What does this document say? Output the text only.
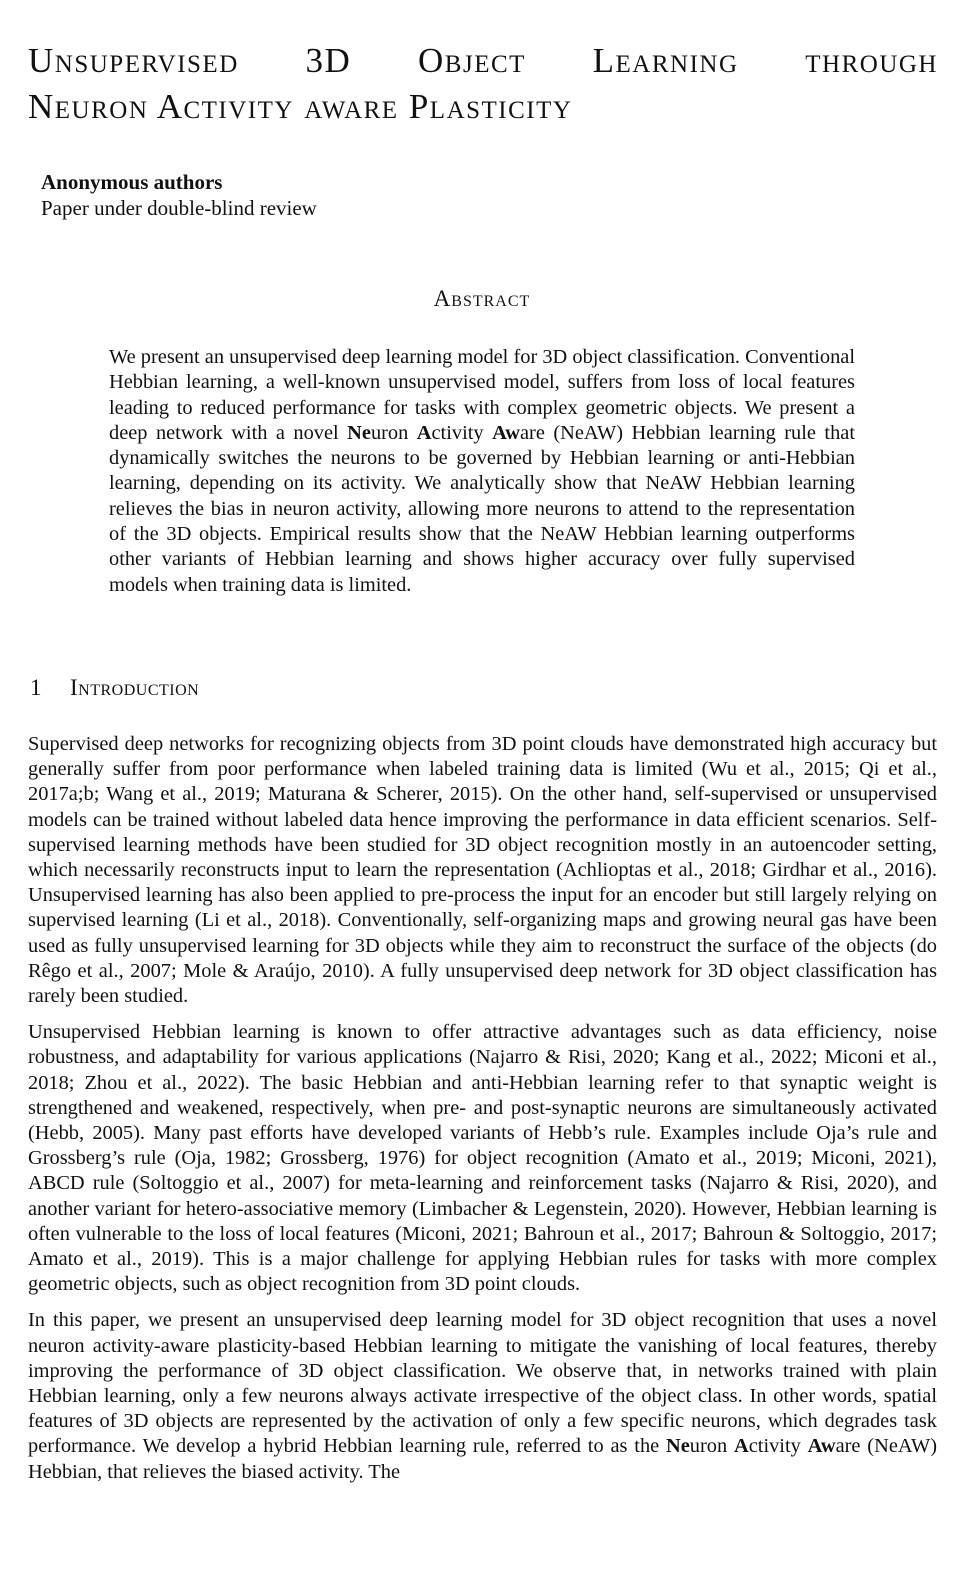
Unsupervised 3D Object Learning through
Neuron Activity aware Plasticity
Anonymous authors
Paper under double-blind review
Abstract
We present an unsupervised deep learning model for 3D object classification. Conventional Hebbian learning, a well-known unsupervised model, suffers from loss of local features leading to reduced performance for tasks with complex geometric objects. We present a deep network with a novel Neuron Activity Aware (NeAW) Hebbian learning rule that dynamically switches the neurons to be governed by Hebbian learning or anti-Hebbian learning, depending on its activity. We analytically show that NeAW Hebbian learning relieves the bias in neuron activity, allowing more neurons to attend to the representation of the 3D objects. Empirical results show that the NeAW Hebbian learning outperforms other variants of Hebbian learning and shows higher accuracy over fully supervised models when training data is limited.
1 Introduction

Supervised deep networks for recognizing objects from 3D point clouds have demonstrated high accuracy but generally suffer from poor performance when labeled training data is limited (Wu et al., 2015; Qi et al., 2017a;b; Wang et al., 2019; Maturana & Scherer, 2015). On the other hand, self-supervised or unsupervised models can be trained without labeled data hence improving the performance in data efficient scenarios. Self-supervised learning methods have been studied for 3D object recognition mostly in an autoencoder setting, which necessarily reconstructs input to learn the representation (Achlioptas et al., 2018; Girdhar et al., 2016). Unsupervised learning has also been applied to pre-process the input for an encoder but still largely relying on supervised learning (Li et al., 2018). Conventionally, self-organizing maps and growing neural gas have been used as fully unsupervised learning for 3D objects while they aim to reconstruct the surface of the objects (do Rêgo et al., 2007; Mole & Araújo, 2010). A fully unsupervised deep network for 3D object classification has rarely been studied.

Unsupervised Hebbian learning is known to offer attractive advantages such as data efficiency, noise robustness, and adaptability for various applications (Najarro & Risi, 2020; Kang et al., 2022; Miconi et al., 2018; Zhou et al., 2022). The basic Hebbian and anti-Hebbian learning refer to that synaptic weight is strengthened and weakened, respectively, when pre- and post-synaptic neurons are simultaneously activated (Hebb, 2005). Many past efforts have developed variants of Hebb’s rule. Examples include Oja’s rule and Grossberg’s rule (Oja, 1982; Grossberg, 1976) for object recognition (Amato et al., 2019; Miconi, 2021), ABCD rule (Soltoggio et al., 2007) for meta-learning and reinforcement tasks (Najarro & Risi, 2020), and another variant for hetero-associative memory (Limbacher & Legenstein, 2020). However, Hebbian learning is often vulnerable to the loss of local features (Miconi, 2021; Bahroun et al., 2017; Bahroun & Soltoggio, 2017; Amato et al., 2019). This is a major challenge for applying Hebbian rules for tasks with more complex geometric objects, such as object recognition from 3D point clouds.

In this paper, we present an unsupervised deep learning model for 3D object recognition that uses a novel neuron activity-aware plasticity-based Hebbian learning to mitigate the vanishing of local features, thereby improving the performance of 3D object classification. We observe that, in networks trained with plain Hebbian learning, only a few neurons always activate irrespective of the object class. In other words, spatial features of 3D objects are represented by the activation of only a few specific neurons, which degrades task performance. We develop a hybrid Hebbian learning rule, referred to as the Neuron Activity Aware (NeAW) Hebbian, that relieves the biased activity. The
